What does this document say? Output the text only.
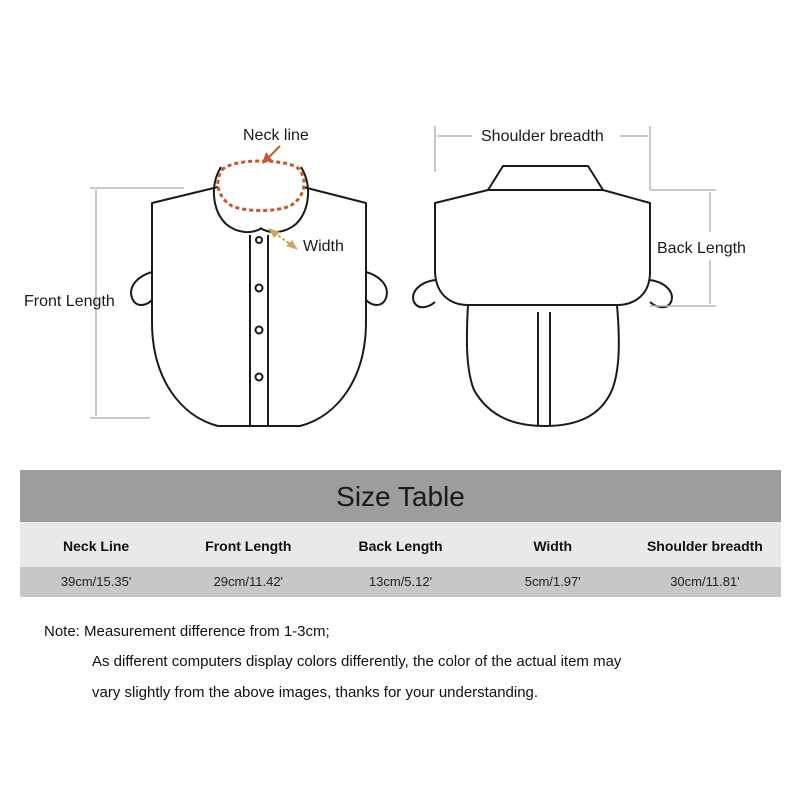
Neck line
Width
Front Length
Shoulder breadth
Back Length
Size Table
Neck Line	Front Length	Back Length	Width	Shoulder breadth
39cm/15.35'	29cm/11.42'	13cm/5.12'	5cm/1.97'	30cm/11.81'
Note: Measurement difference from 1-3cm;
As different computers display colors differently, the color of the actual item may
vary slightly from the above images, thanks for your understanding.
